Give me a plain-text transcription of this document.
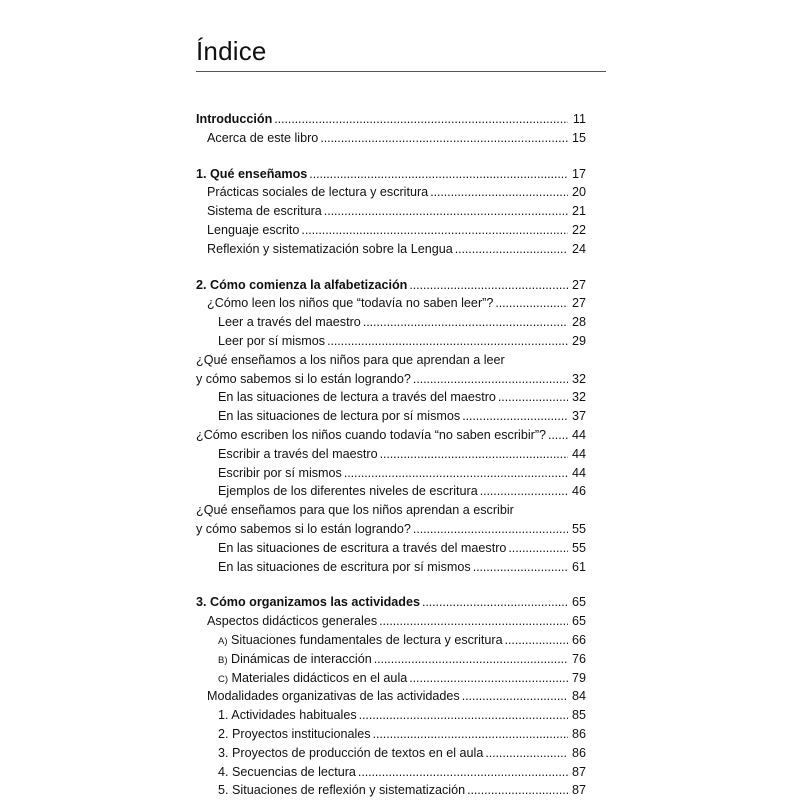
Índice
Introducción . . .	11
Acerca de este libro . . .	15
1. Qué enseñamos . . .	17
Prácticas sociales de lectura y escritura . . .	20
Sistema de escritura . . .	21
Lenguaje escrito . . .	22
Reflexión y sistematización sobre la Lengua . . .	24
2. Cómo comienza la alfabetización . . .	27
¿Cómo leen los niños que “todavía no saben leer”? . . .	27
Leer a través del maestro . . .	28
Leer por sí mismos . . .	29
¿Qué enseñamos a los niños para que aprendan a leer
y cómo sabemos si lo están logrando? . . .	32
En las situaciones de lectura a través del maestro . . .	32
En las situaciones de lectura por sí mismos . . .	37
¿Cómo escriben los niños cuando todavía “no saben escribir”? . . . 44
Escribir a través del maestro . . .	44
Escribir por sí mismos . . .	44
Ejemplos de los diferentes niveles de escritura . . .	46
¿Qué enseñamos para que los niños aprendan a escribir
y cómo sabemos si lo están logrando? . . .	55
En las situaciones de escritura a través del maestro . . .	55
En las situaciones de escritura por sí mismos . . .	61
3. Cómo organizamos las actividades . . .	65
Aspectos didácticos generales . . .	65
A) Situaciones fundamentales de lectura y escritura . . .	66
B) Dinámicas de interacción . . .	76
C) Materiales didácticos en el aula . . .	79
Modalidades organizativas de las actividades . . .	84
1. Actividades habituales . . .	85
2. Proyectos institucionales . . .	86
3. Proyectos de producción de textos en el aula . . .	86
4. Secuencias de lectura . . .	87
5. Situaciones de reflexión y sistematización . . .	87
